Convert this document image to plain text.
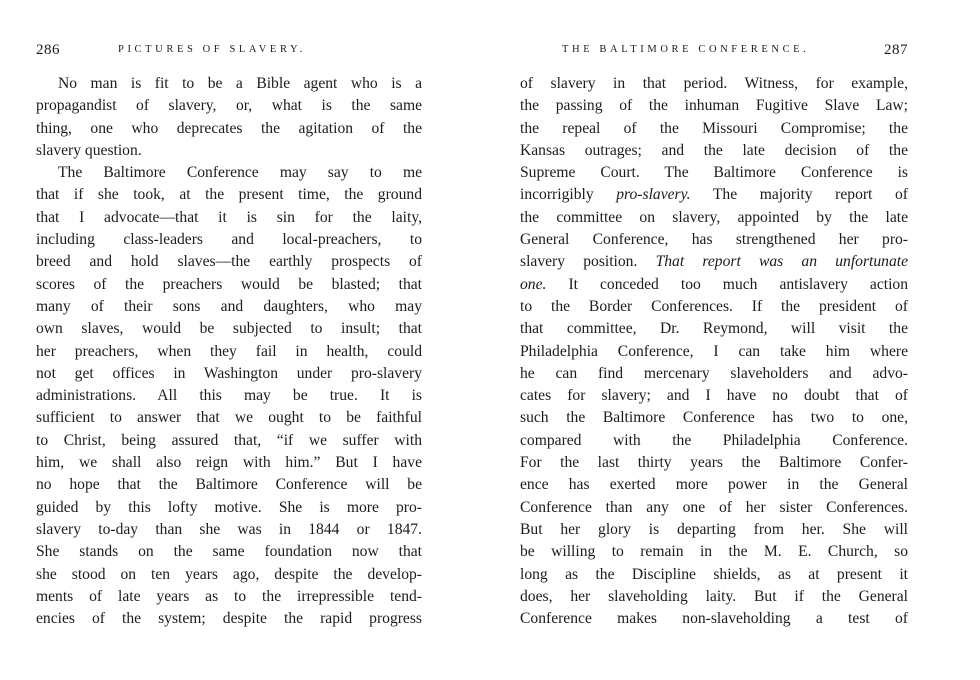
286	PICTURES OF SLAVERY.
No man is fit to be a Bible agent who is a
propagandist of slavery, or, what is the same
thing, one who deprecates the agitation of the
slavery question.
The Baltimore Conference may say to me
that if she took, at the present time, the ground
that I advocate—that it is sin for the laity,
including class-leaders and local-preachers, to
breed and hold slaves—the earthly prospects of
scores of the preachers would be blasted; that
many of their sons and daughters, who may
own slaves, would be subjected to insult; that
her preachers, when they fail in health, could
not get offices in Washington under pro-slavery
administrations. All this may be true. It is
sufficient to answer that we ought to be faithful
to Christ, being assured that, “if we suffer with
him, we shall also reign with him.” But I have
no hope that the Baltimore Conference will be
guided by this lofty motive. She is more pro-
slavery to-day than she was in 1844 or 1847.
She stands on the same foundation now that
she stood on ten years ago, despite the develop-
ments of late years as to the irrepressible tend-
encies of the system; despite the rapid progress
THE BALTIMORE CONFERENCE.	287
of slavery in that period. Witness, for example,
the passing of the inhuman Fugitive Slave Law;
the repeal of the Missouri Compromise; the
Kansas outrages; and the late decision of the
Supreme Court. The Baltimore Conference is
incorrigibly pro-slavery. The majority report of
the committee on slavery, appointed by the late
General Conference, has strengthened her pro-
slavery position. That report was an unfortunate
one. It conceded too much antislavery action
to the Border Conferences. If the president of
that committee, Dr. Reymond, will visit the
Philadelphia Conference, I can take him where
he can find mercenary slaveholders and advo-
cates for slavery; and I have no doubt that of
such the Baltimore Conference has two to one,
compared with the Philadelphia Conference.
For the last thirty years the Baltimore Confer-
ence has exerted more power in the General
Conference than any one of her sister Conferences.
But her glory is departing from her. She will
be willing to remain in the M. E. Church, so
long as the Discipline shields, as at present it
does, her slaveholding laity. But if the General
Conference makes non-slaveholding a test of
